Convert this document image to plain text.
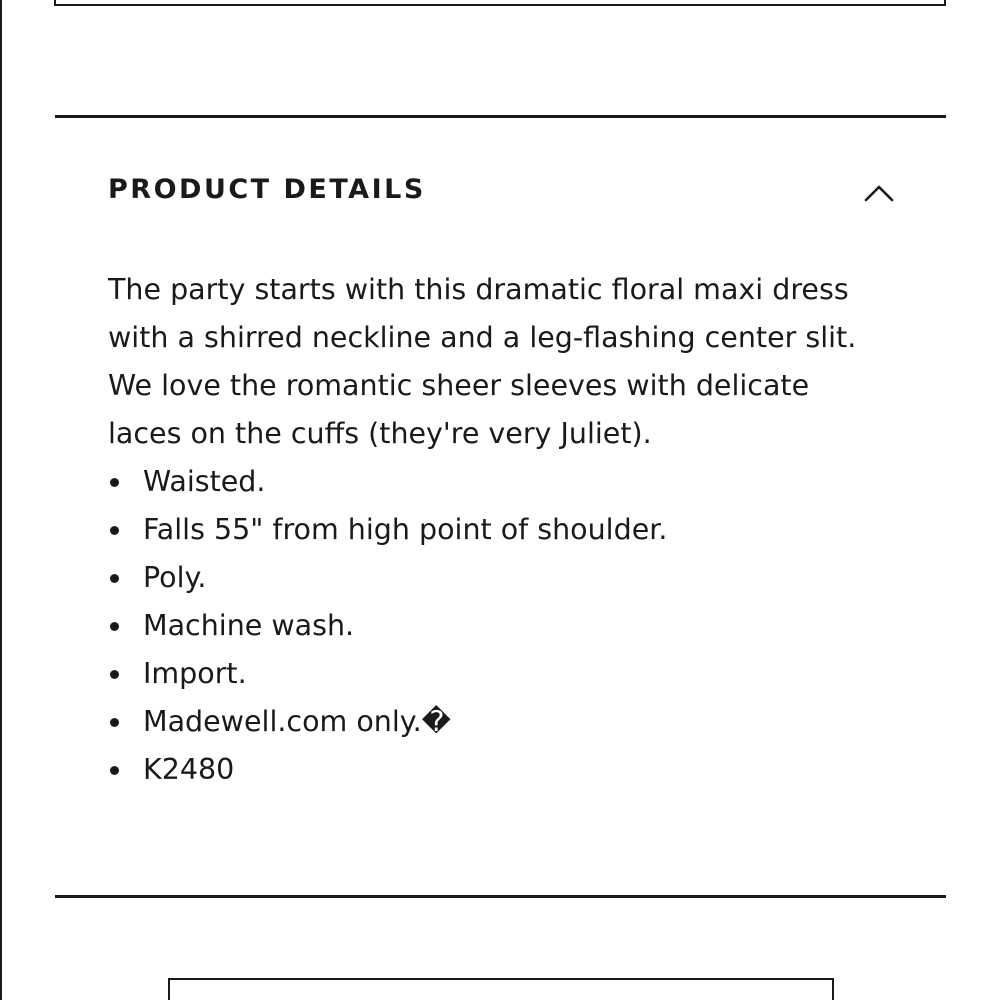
PRODUCT DETAILS

The party starts with this dramatic floral maxi dress with a shirred neckline and a leg-flashing center slit. We love the romantic sheer sleeves with delicate laces on the cuffs (they're very Juliet).

Waisted.
Falls 55" from high point of shoulder.
Poly.
Machine wash.
Import.
Madewell.com only.�
K2480
